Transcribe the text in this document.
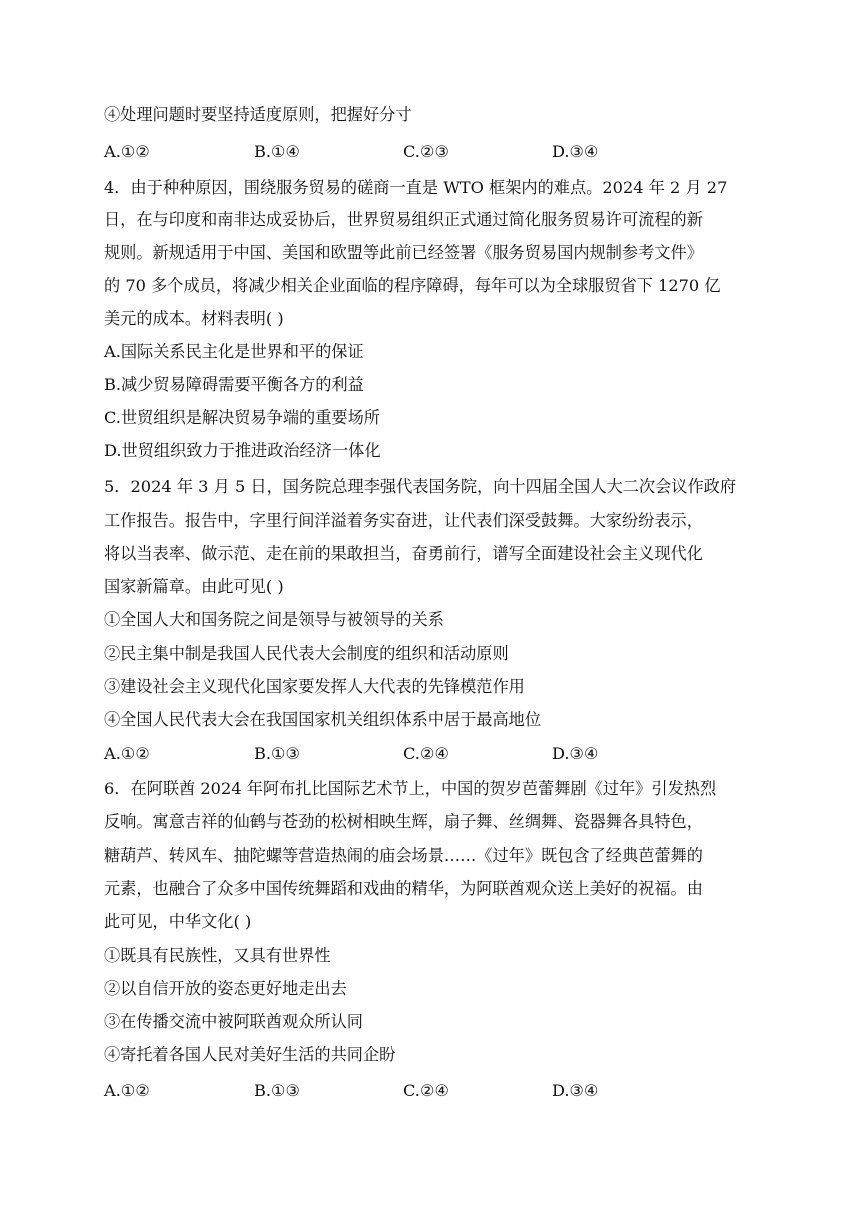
④处理问题时要坚持适度原则，把握好分寸
A.①②	B.①④	C.②③	D.③④
4．由于种种原因，围绕服务贸易的磋商一直是 WTO 框架内的难点。2024 年 2 月 27
日，在与印度和南非达成妥协后，世界贸易组织正式通过简化服务贸易许可流程的新
规则。新规适用于中国、美国和欧盟等此前已经签署《服务贸易国内规制参考文件》
的 70 多个成员，将减少相关企业面临的程序障碍，每年可以为全球服贸省下 1270 亿
美元的成本。材料表明( )
A.国际关系民主化是世界和平的保证
B.减少贸易障碍需要平衡各方的利益
C.世贸组织是解决贸易争端的重要场所
D.世贸组织致力于推进政治经济一体化
5．2024 年 3 月 5 日，国务院总理李强代表国务院，向十四届全国人大二次会议作政府
工作报告。报告中，字里行间洋溢着务实奋进，让代表们深受鼓舞。大家纷纷表示，
将以当表率、做示范、走在前的果敢担当，奋勇前行，谱写全面建设社会主义现代化
国家新篇章。由此可见( )
①全国人大和国务院之间是领导与被领导的关系
②民主集中制是我国人民代表大会制度的组织和活动原则
③建设社会主义现代化国家要发挥人大代表的先锋模范作用
④全国人民代表大会在我国国家机关组织体系中居于最高地位
A.①②	B.①③	C.②④	D.③④
6．在阿联酋 2024 年阿布扎比国际艺术节上，中国的贺岁芭蕾舞剧《过年》引发热烈
反响。寓意吉祥的仙鹤与苍劲的松树相映生辉，扇子舞、丝绸舞、瓷器舞各具特色，
糖葫芦、转风车、抽陀螺等营造热闹的庙会场景……《过年》既包含了经典芭蕾舞的
元素，也融合了众多中国传统舞蹈和戏曲的精华，为阿联酋观众送上美好的祝福。由
此可见，中华文化( )
①既具有民族性，又具有世界性
②以自信开放的姿态更好地走出去
③在传播交流中被阿联酋观众所认同
④寄托着各国人民对美好生活的共同企盼
A.①②	B.①③	C.②④	D.③④
